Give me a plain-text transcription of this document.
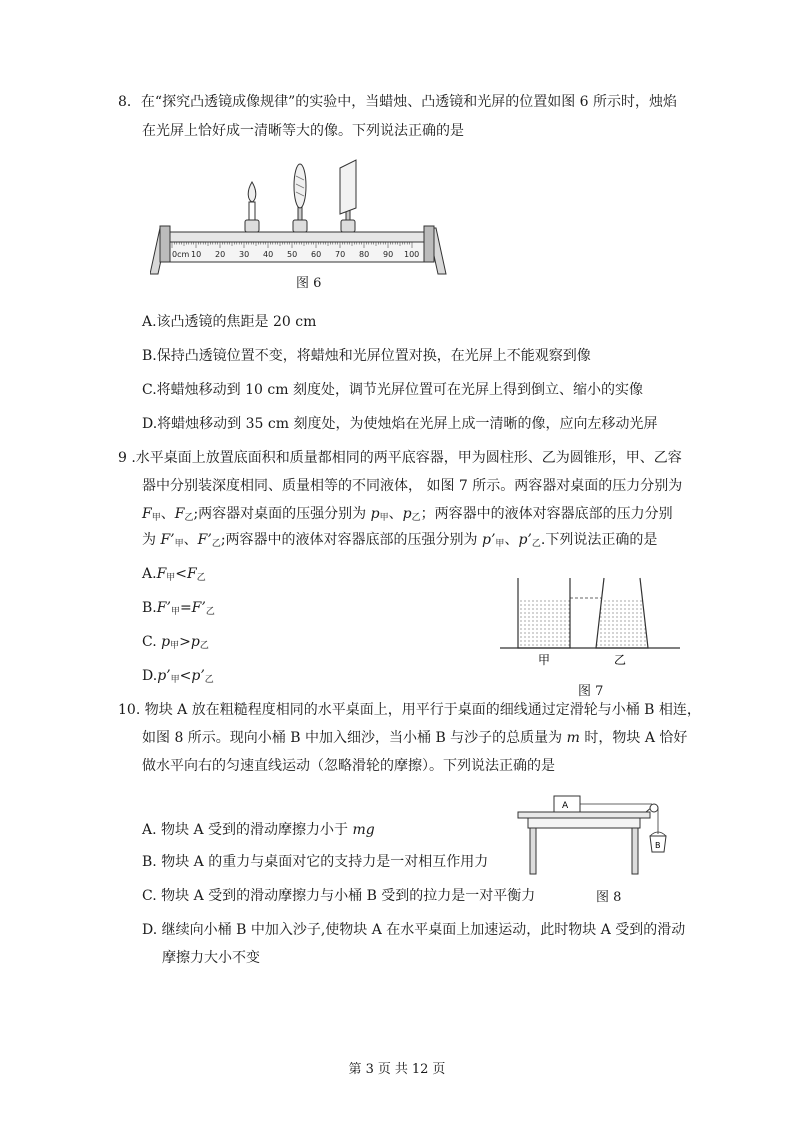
8．在“探究凸透镜成像规律”的实验中，当蜡烛、凸透镜和光屏的位置如图 6 所示时，烛焰
在光屏上恰好成一清晰等大的像。下列说法正确的是
0cm 10 20 30 40 50 60 70 80 90 100
图 6
A.该凸透镜的焦距是 20 cm
B.保持凸透镜位置不变，将蜡烛和光屏位置对换，在光屏上不能观察到像
C.将蜡烛移动到 10 cm 刻度处，调节光屏位置可在光屏上得到倒立、缩小的实像
D.将蜡烛移动到 35 cm 刻度处，为使烛焰在光屏上成一清晰的像，应向左移动光屏
9 .水平桌面上放置底面积和质量都相同的两平底容器，甲为圆柱形、乙为圆锥形，甲、乙容
器中分别装深度相同、质量相等的不同液体， 如图 7 所示。两容器对桌面的压力分别为
$F_甲$、$F_乙$;两容器对桌面的压强分别为 $p_甲$、$p_乙$；两容器中的液体对容器底部的压力分别
为 $F’_甲$、$F’_乙$;两容器中的液体对容器底部的压强分别为 $p’_甲$、$p’_乙$.下列说法正确的是
$A.F_甲<F_乙$
$B.F’_甲=F’_乙$
C. $p_甲>p_乙$
$D.p’_甲<p’_乙$
甲	乙
图 7
10. 物块 A 放在粗糙程度相同的水平桌面上，用平行于桌面的细线通过定滑轮与小桶 B 相连，
如图 8 所示。现向小桶 B 中加入细沙，当小桶 B 与沙子的总质量为 m 时，物块 A 恰好
做水平向右的匀速直线运动（忽略滑轮的摩擦）。下列说法正确的是
A. 物块 A 受到的滑动摩擦力小于 mg
B. 物块 A 的重力与桌面对它的支持力是一对相互作用力
C. 物块 A 受到的滑动摩擦力与小桶 B 受到的拉力是一对平衡力
D. 继续向小桶 B 中加入沙子,使物块 A 在水平桌面上加速运动，此时物块 A 受到的滑动
摩擦力大小不变
A
B
图 8
第 3 页 共 12 页
